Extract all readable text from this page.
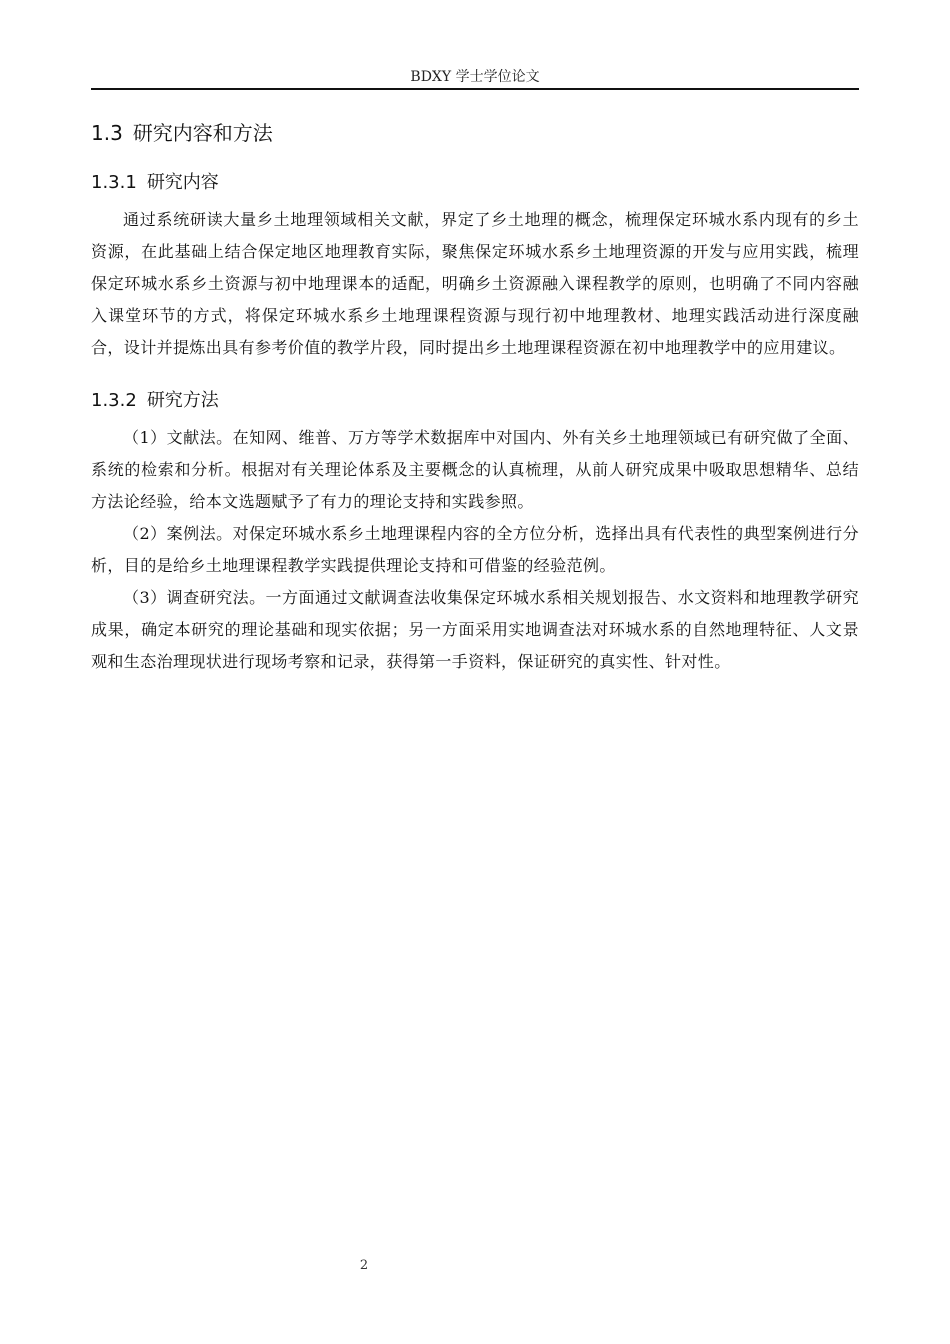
BDXY 学士学位论文
1.3 研究内容和方法
1.3.1 研究内容

通过系统研读大量乡土地理领域相关文献，界定了乡土地理的概念，梳理保定环城水系内现有的乡土资源，在此基础上结合保定地区地理教育实际，聚焦保定环城水系乡土地理资源的开发与应用实践，梳理保定环城水系乡土资源与初中地理课本的适配，明确乡土资源融入课程教学的原则，也明确了不同内容融入课堂环节的方式，将保定环城水系乡土地理课程资源与现行初中地理教材、地理实践活动进行深度融合，设计并提炼出具有参考价值的教学片段，同时提出乡土地理课程资源在初中地理教学中的应用建议。

1.3.2 研究方法

（1）文献法。在知网、维普、万方等学术数据库中对国内、外有关乡土地理领域已有研究做了全面、系统的检索和分析。根据对有关理论体系及主要概念的认真梳理，从前人研究成果中吸取思想精华、总结方法论经验，给本文选题赋予了有力的理论支持和实践参照。

（2）案例法。对保定环城水系乡土地理课程内容的全方位分析，选择出具有代表性的典型案例进行分析，目的是给乡土地理课程教学实践提供理论支持和可借鉴的经验范例。

（3）调查研究法。一方面通过文献调查法收集保定环城水系相关规划报告、水文资料和地理教学研究成果，确定本研究的理论基础和现实依据；另一方面采用实地调查法对环城水系的自然地理特征、人文景观和生态治理现状进行现场考察和记录，获得第一手资料，保证研究的真实性、针对性。

2
